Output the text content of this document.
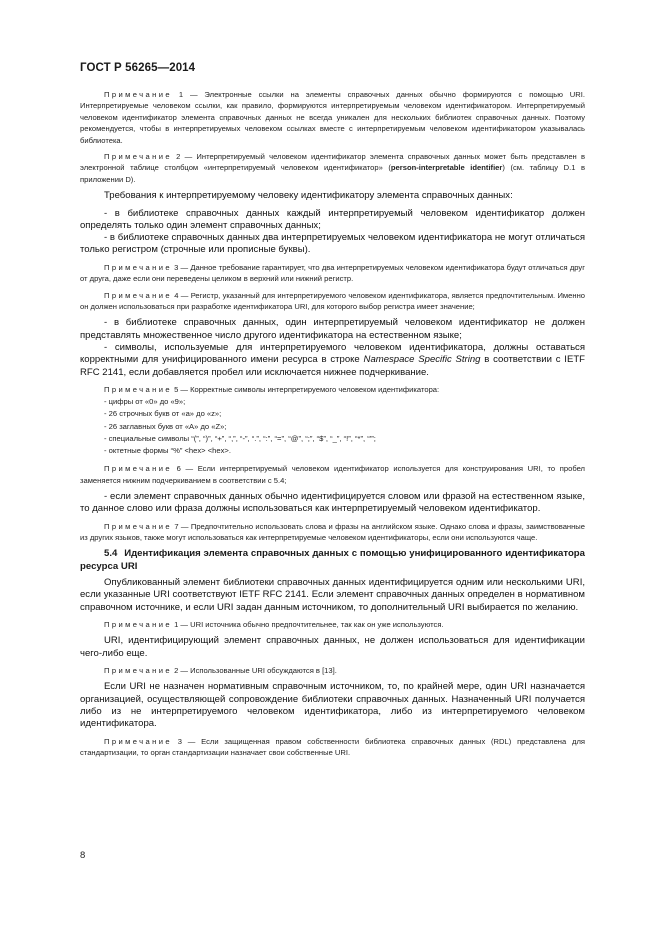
ГОСТ Р 56265—2014

Примечание 1 — Электронные ссылки на элементы справочных данных обычно формируются с помощью URI. Интерпретируемые человеком ссылки, как правило, формируются интерпретируемым человеком идентификатором. Интерпретируемый человеком идентификатор элемента справочных данных не всегда уникален для нескольких библиотек справочных данных. Поэтому рекомендуется, чтобы в интерпретируемых человеком ссылках вместе с интерпретируемым человеком идентификатором указывалась библиотека.

Примечание 2 — Интерпретируемый человеком идентификатор элемента справочных данных может быть представлен в электронной таблице столбцом «интерпретируемый человеком идентификатор» (person-interpretable identifier) (см. таблицу D.1 в приложении D).

Требования к интерпретируемому человеку идентификатору элемента справочных данных:

- в библиотеке справочных данных каждый интерпретируемый человеком идентификатор должен определять только один элемент справочных данных;

- в библиотеке справочных данных два интерпретируемых человеком идентификатора не могут отличаться только регистром (строчные или прописные буквы).

Примечание 3 — Данное требование гарантирует, что два интерпретируемых человеком идентификатора будут отличаться друг от друга, даже если они переведены целиком в верхний или нижний регистр.

Примечание 4 — Регистр, указанный для интерпретируемого человеком идентификатора, является предпочтительным. Именно он должен использоваться при разработке идентификатора URI, для которого выбор регистра имеет значение;

- в библиотеке справочных данных, один интерпретируемый человеком идентификатор не должен представлять множественное число другого идентификатора на естественном языке;

- символы, используемые для интерпретируемого человеком идентификатора, должны оставаться корректными для унифицированного имени ресурса в строке Namespace Specific String в соответствии с IETF RFC 2141, если добавляется пробел или исключается нижнее подчеркивание.

Примечание 5 — Корректные символы интерпретируемого человеком идентификатора:

- цифры от «0» до «9»;
- 26 строчных букв от «а» до «z»;
- 26 заглавных букв от «A» до «Z»;
- специальные символы “(”, “)”, “+”, “,”, “-”, “.”, “:”, “=”, “@”, “;”, “$”, “_”, “!”, “*”, “'”;
- октетные формы “%” <hex> <hex>.

Примечание 6 — Если интерпретируемый человеком идентификатор используется для конструирования URI, то пробел заменяется нижним подчеркиванием в соответствии с 5.4;

- если элемент справочных данных обычно идентифицируется словом или фразой на естественном языке, то данное слово или фраза должны использоваться как интерпретируемый человеком идентификатор.

Примечание 7 — Предпочтительно использовать слова и фразы на английском языке. Однако слова и фразы, заимствованные из других языков, также могут использоваться как интерпретируемые человеком идентификаторы, если они используются чаще.

5.4 Идентификация элемента справочных данных с помощью унифицированного идентификатора ресурса URI

Опубликованный элемент библиотеки справочных данных идентифицируется одним или несколькими URI, если указанные URI соответствуют IETF RFC 2141. Если элемент справочных данных определен в нормативном справочном источнике, и если URI задан данным источником, то дополнительный URI выбирается по желанию.

Примечание 1 — URI источника обычно предпочтительнее, так как он уже используются.

URI, идентифицирующий элемент справочных данных, не должен использоваться для идентификации чего-либо еще.

Примечание 2 — Использованные URI обсуждаются в [13].

Если URI не назначен нормативным справочным источником, то, по крайней мере, один URI назначается организацией, осуществляющей сопровождение библиотеки справочных данных. Назначенный URI получается либо из не интерпретируемого человеком идентификатора, либо из интерпретируемого человеком идентификатора.

Примечание 3 — Если защищенная правом собственности библиотека справочных данных (RDL) представлена для стандартизации, то орган стандартизации назначает свои собственные URI.

8
